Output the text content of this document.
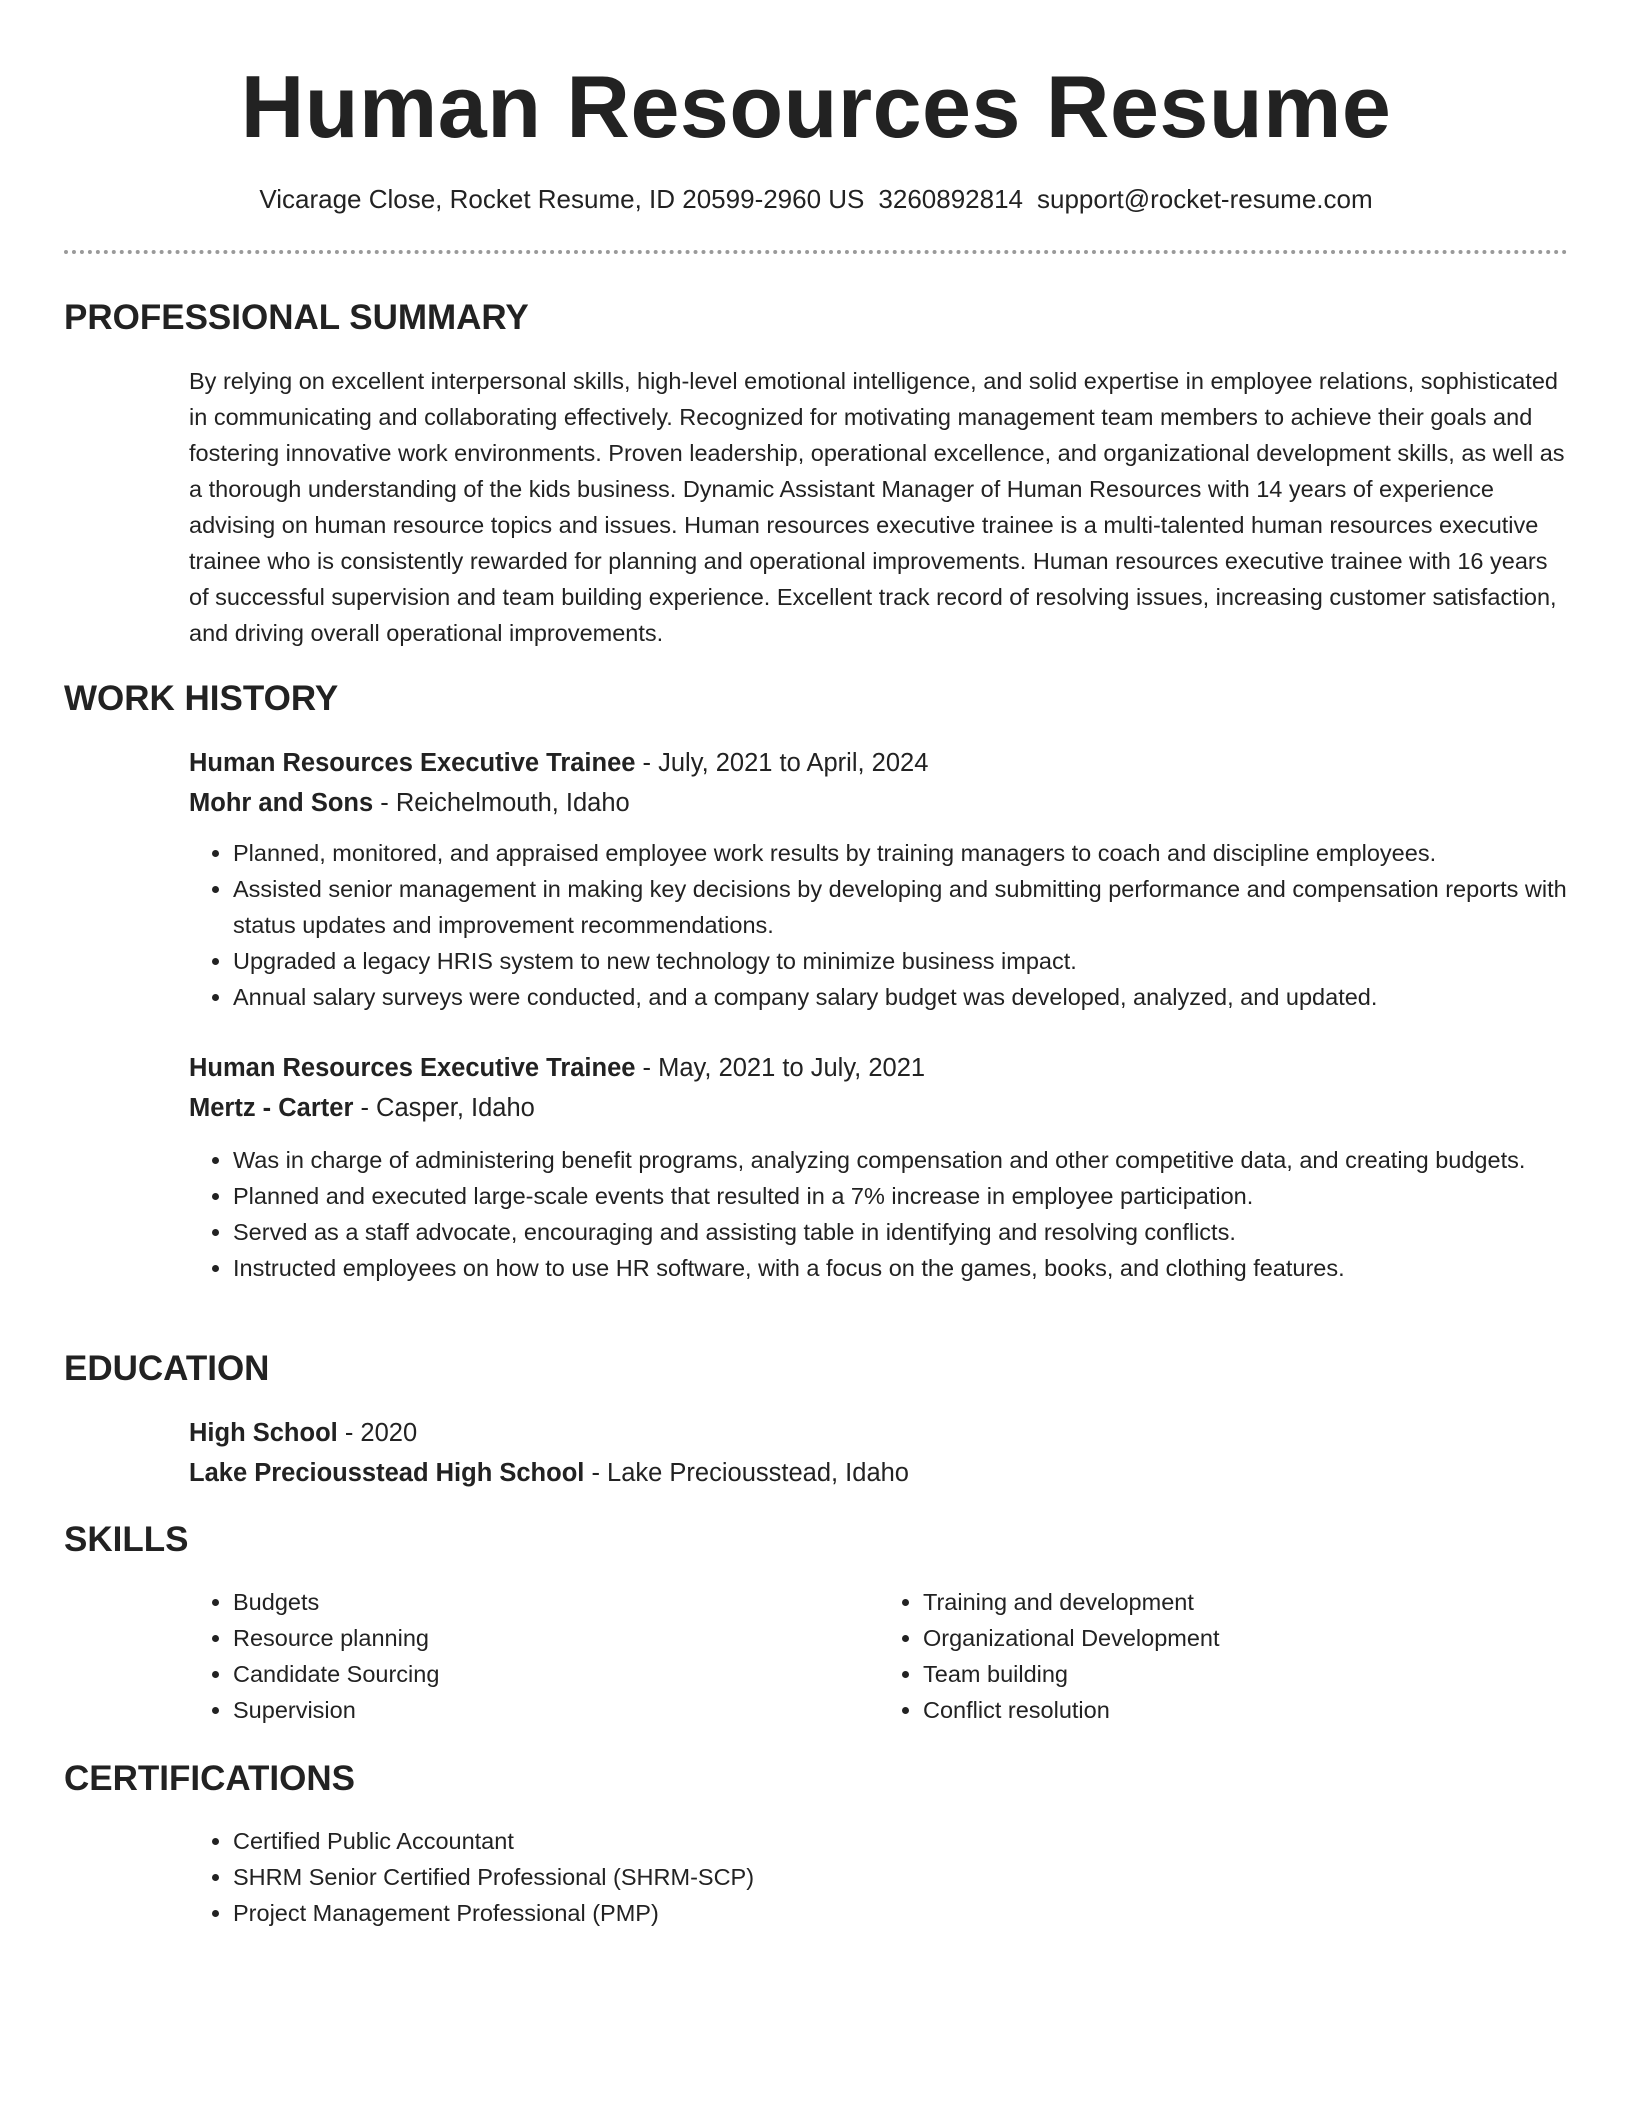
Human Resources Resume
Vicarage Close, Rocket Resume, ID 20599-2960 US 3260892814 support@rocket-resume.com
PROFESSIONAL SUMMARY

By relying on excellent interpersonal skills, high-level emotional intelligence, and solid expertise in employee relations, sophisticated in communicating and collaborating effectively. Recognized for motivating management team members to achieve their goals and fostering innovative work environments. Proven leadership, operational excellence, and organizational development skills, as well as a thorough understanding of the kids business. Dynamic Assistant Manager of Human Resources with 14 years of experience advising on human resource topics and issues. Human resources executive trainee is a multi-talented human resources executive trainee who is consistently rewarded for planning and operational improvements. Human resources executive trainee with 16 years of successful supervision and team building experience. Excellent track record of resolving issues, increasing customer satisfaction, and driving overall operational improvements.

WORK HISTORY

Human Resources Executive Trainee - July, 2021 to April, 2024

Mohr and Sons - Reichelmouth, Idaho

• Planned, monitored, and appraised employee work results by training managers to coach and discipline employees.
• Assisted senior management in making key decisions by developing and submitting performance and compensation reports with status updates and improvement recommendations.
• Upgraded a legacy HRIS system to new technology to minimize business impact.
• Annual salary surveys were conducted, and a company salary budget was developed, analyzed, and updated.

Human Resources Executive Trainee - May, 2021 to July, 2021

Mertz - Carter - Casper, Idaho

• Was in charge of administering benefit programs, analyzing compensation and other competitive data, and creating budgets.
• Planned and executed large-scale events that resulted in a 7% increase in employee participation.
• Served as a staff advocate, encouraging and assisting table in identifying and resolving conflicts.
• Instructed employees on how to use HR software, with a focus on the games, books, and clothing features.
EDUCATION

High School - 2020

Lake Preciousstead High School - Lake Preciousstead, Idaho

SKILLS
• Budgets
• Resource planning
• Candidate Sourcing
• Supervision
• Training and development
• Organizational Development
• Team building
• Conflict resolution
CERTIFICATIONS
• Certified Public Accountant
• SHRM Senior Certified Professional (SHRM-SCP)
• Project Management Professional (PMP)
